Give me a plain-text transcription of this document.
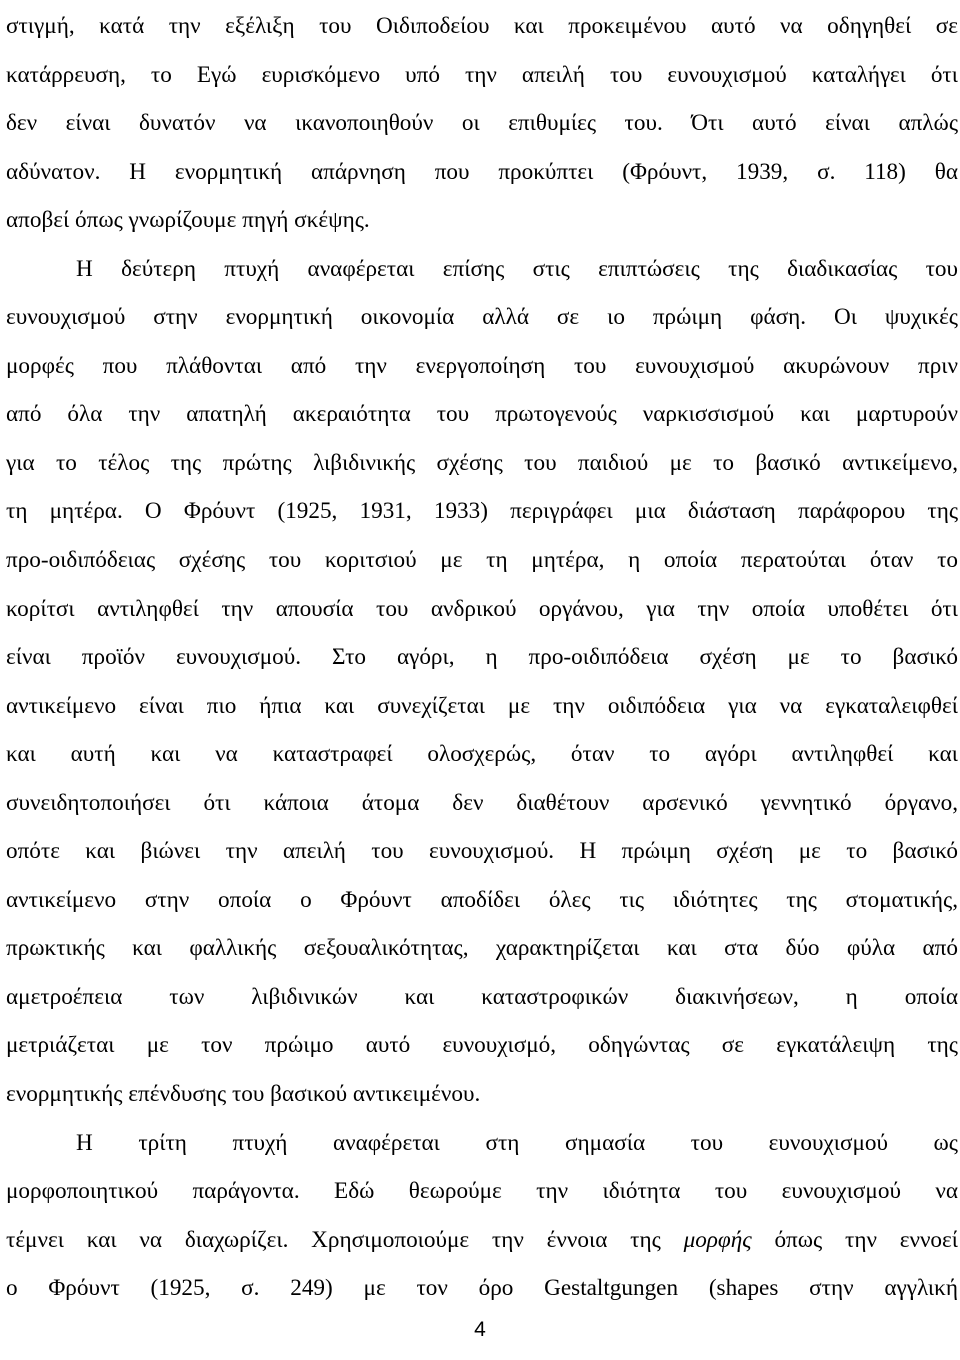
στιγμή, κατά την εξέλιξη του Οιδιποδείου και προκειμένου αυτό να οδηγηθεί σε
κατάρρευση, το Εγώ ευρισκόμενο υπό την απειλή του ευνουχισμού καταλήγει ότι
δεν είναι δυνατόν να ικανοποιηθούν οι επιθυμίες του. Ότι αυτό είναι απλώς
αδύνατον. Η ενορμητική απάρνηση που προκύπτει (Φρόυντ, 1939, σ. 118) θα
αποβεί όπως γνωρίζουμε πηγή σκέψης.
Η δεύτερη πτυχή αναφέρεται επίσης στις επιπτώσεις της διαδικασίας του
ευνουχισμού στην ενορμητική οικονομία αλλά σε ιο πρώιμη φάση. Οι ψυχικές
μορφές που πλάθονται από την ενεργοποίηση του ευνουχισμού ακυρώνουν πριν
από όλα την απατηλή ακεραιότητα του πρωτογενούς ναρκισσισμού και μαρτυρούν
για το τέλος της πρώτης λιβιδινικής σχέσης του παιδιού με το βασικό αντικείμενο,
τη μητέρα. Ο Φρόυντ (1925, 1931, 1933) περιγράφει μια διάσταση παράφορου της
προ-οιδιπόδειας σχέσης του κοριτσιού με τη μητέρα, η οποία περατούται όταν το
κορίτσι αντιληφθεί την απουσία του ανδρικού οργάνου, για την οποία υποθέτει ότι
είναι προϊόν ευνουχισμού. Στο αγόρι, η προ-οιδιπόδεια σχέση με το βασικό
αντικείμενο είναι πιο ήπια και συνεχίζεται με την οιδιπόδεια για να εγκαταλειφθεί
και αυτή και να καταστραφεί ολοσχερώς, όταν το αγόρι αντιληφθεί και
συνειδητοποιήσει ότι κάποια άτομα δεν διαθέτουν αρσενικό γεννητικό όργανο,
οπότε και βιώνει την απειλή του ευνουχισμού. Η πρώιμη σχέση με το βασικό
αντικείμενο στην οποία ο Φρόυντ αποδίδει όλες τις ιδιότητες της στοματικής,
πρωκτικής και φαλλικής σεξουαλικότητας, χαρακτηρίζεται και στα δύο φύλα από
αμετροέπεια των λιβιδινικών και καταστροφικών διακινήσεων, η οποία
μετριάζεται με τον πρώιμο αυτό ευνουχισμό, οδηγώντας σε εγκατάλειψη της
ενορμητικής επένδυσης του βασικού αντικειμένου.
Η τρίτη πτυχή αναφέρεται στη σημασία του ευνουχισμού ως
μορφοποιητικού παράγοντα. Εδώ θεωρούμε την ιδιότητα του ευνουχισμού να
τέμνει και να διαχωρίζει. Χρησιμοποιούμε την έννοια της μορφής όπως την εννοεί
ο Φρόυντ (1925, σ. 249) με τον όρο Gestaltgungen (shapes στην αγγλική
4
